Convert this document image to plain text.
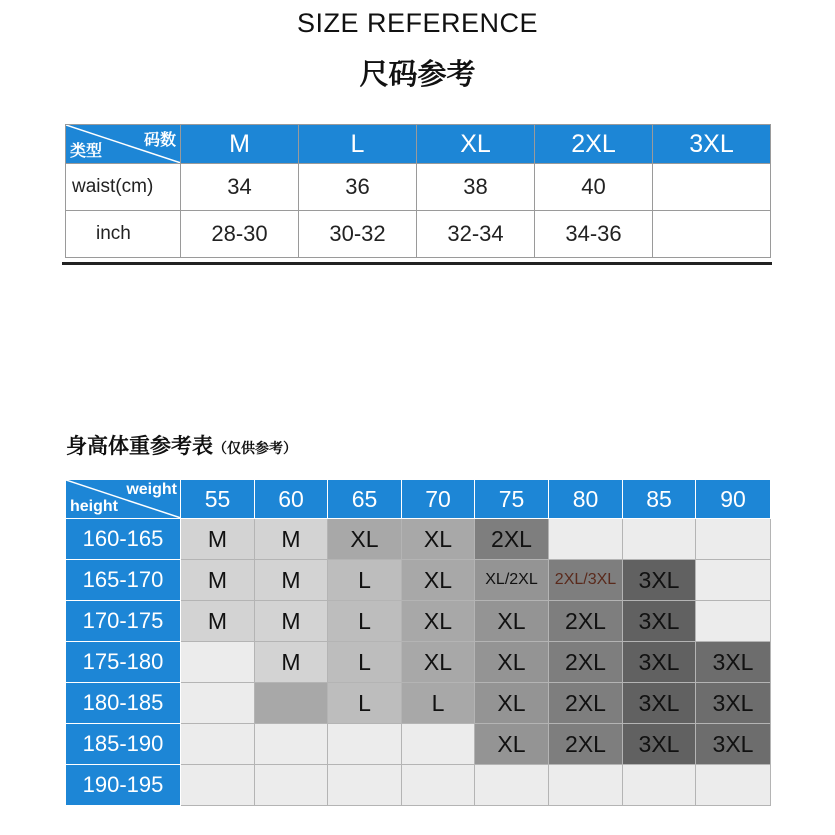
SIZE REFERENCE
尺码参考
码数
类型	M	L	XL	2XL	3XL
waist(cm)	34	36	38	40	
inch	28-30	30-32	32-34	34-36	
身高体重参考表（仅供参考）
weight
height	55	60	65	70	75	80	85	90
160-165	M	M	XL	XL	2XL			
165-170	M	M	L	XL	XL/2XL	2XL/3XL	3XL	
170-175	M	M	L	XL	XL	2XL	3XL	
175-180		M	L	XL	XL	2XL	3XL	3XL
180-185			L	L	XL	2XL	3XL	3XL
185-190					XL	2XL	3XL	3XL
190-195								
